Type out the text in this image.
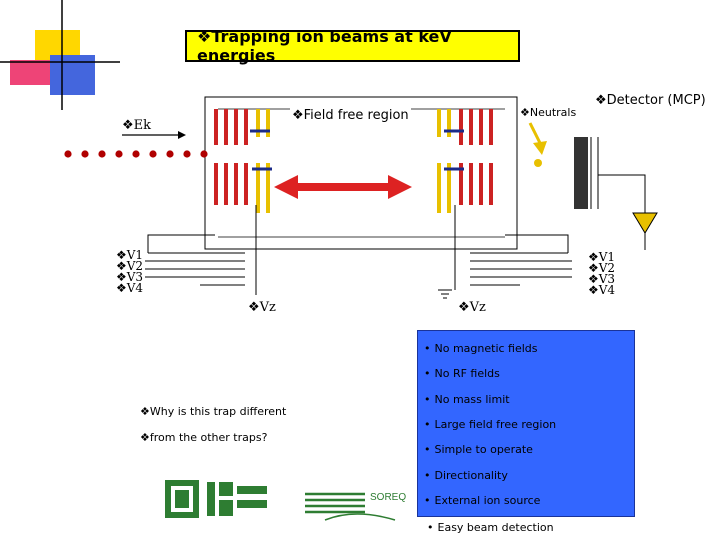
❖Trapping ion beams at keV energies
❖Ek
❖Field free region	❖Neutrals
❖Detector (MCP)
❖V1
❖V2
❖V3
❖V4
❖V1
❖V2
❖V3
❖V4
❖Vz	❖Vz
❖Why is this trap different
❖from the other traps?
• No magnetic fields
• No RF fields
• No mass limit
• Large field free region
• Simple to operate
• Directionality
• External ion source
• Easy beam detection
SOREQ
